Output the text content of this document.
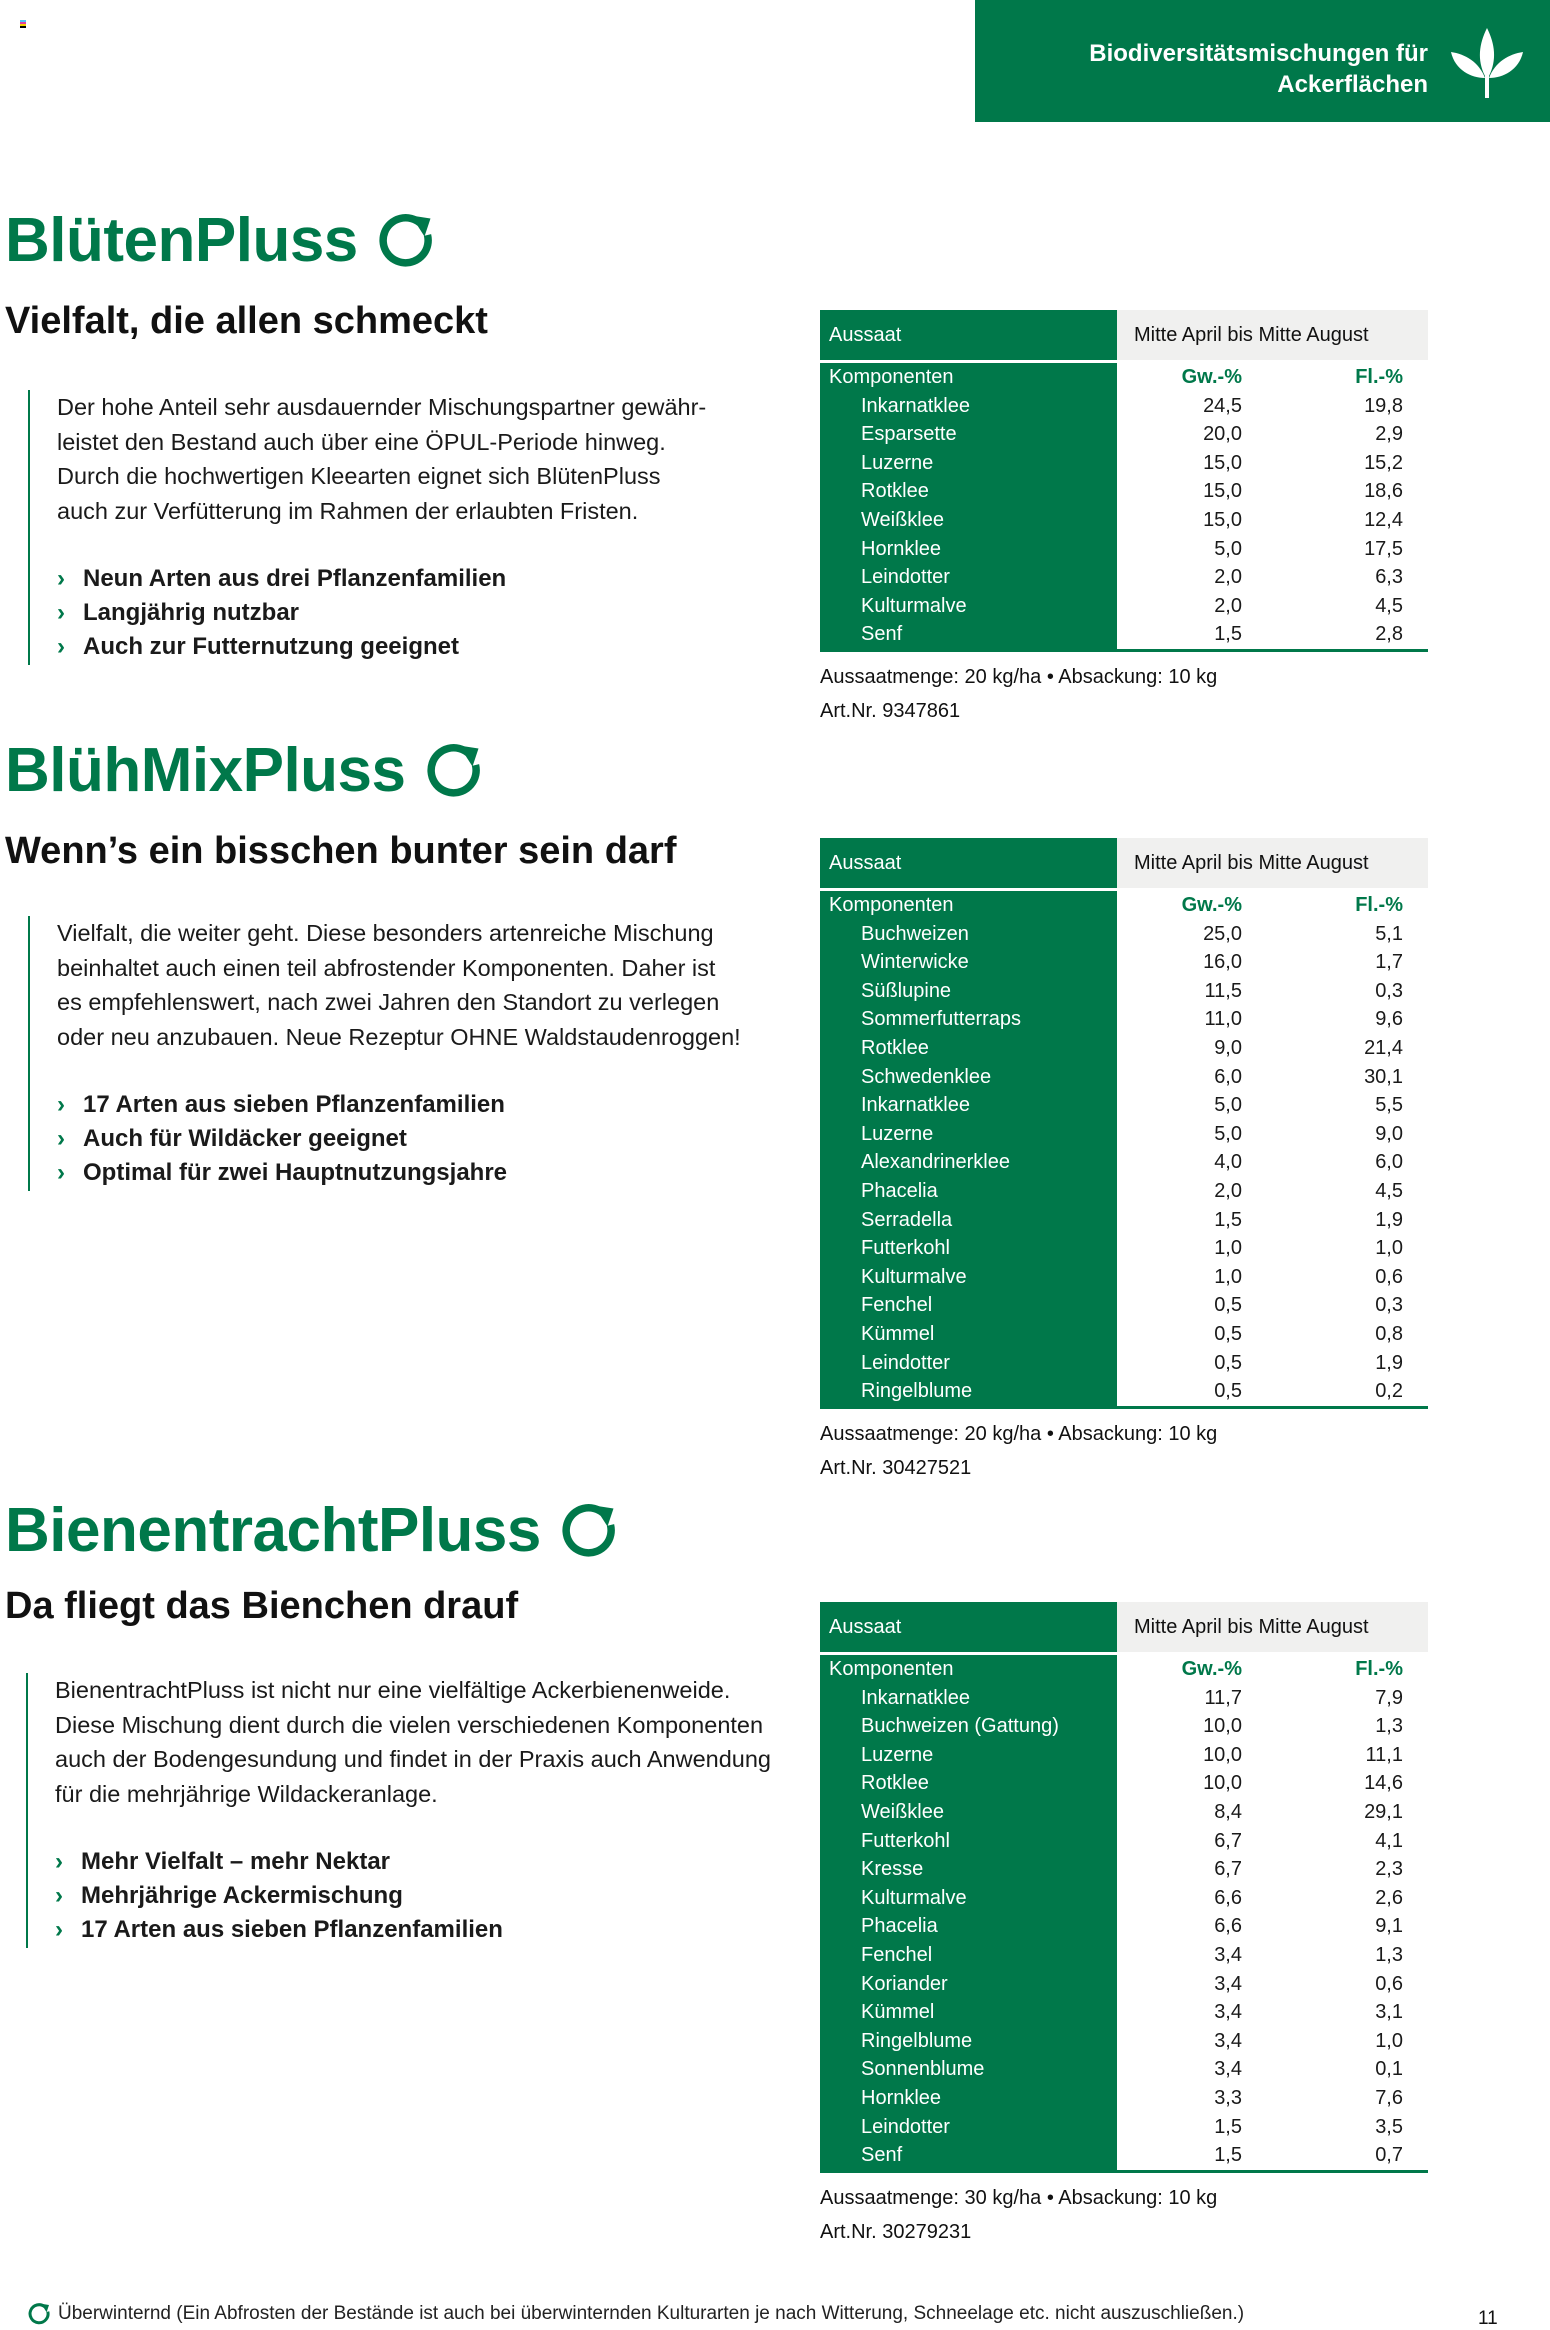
Biodiversitätsmischungen für
Ackerflächen
BlütenPluss
Vielfalt, die allen schmeckt

Der hohe Anteil sehr ausdauernder Mischungspartner gewähr-
leistet den Bestand auch über eine ÖPUL-Periode hinweg.
Durch die hochwertigen Kleearten eignet sich BlütenPluss
auch zur Verfütterung im Rahmen der erlaubten Fristen.

› Neun Arten aus drei Pflanzenfamilien
› Langjährig nutzbar
› Auch zur Futternutzung geeignet
Aussaat	Mitte April bis Mitte August
Komponenten	Gw.-%	Fl.-%
Inkarnatklee	24,5	19,8
Esparsette	20,0	2,9
Luzerne	15,0	15,2
Rotklee	15,0	18,6
Weißklee	15,0	12,4
Hornklee	5,0	17,5
Leindotter	2,0	6,3
Kulturmalve	2,0	4,5
Senf	1,5	2,8
Aussaatmenge: 20 kg/ha • Absackung: 10 kg
Art.Nr. 9347861
BlühMixPluss
Wenn’s ein bisschen bunter sein darf

Vielfalt, die weiter geht. Diese besonders artenreiche Mischung
beinhaltet auch einen teil abfrostender Komponenten. Daher ist
es empfehlenswert, nach zwei Jahren den Standort zu verlegen
oder neu anzubauen. Neue Rezeptur OHNE Waldstaudenroggen!

› 17 Arten aus sieben Pflanzenfamilien
› Auch für Wildäcker geeignet
› Optimal für zwei Hauptnutzungsjahre
Aussaat	Mitte April bis Mitte August
Komponenten	Gw.-%	Fl.-%
Buchweizen	25,0	5,1
Winterwicke	16,0	1,7
Süßlupine	11,5	0,3
Sommerfutterraps	11,0	9,6
Rotklee	9,0	21,4
Schwedenklee	6,0	30,1
Inkarnatklee	5,0	5,5
Luzerne	5,0	9,0
Alexandrinerklee	4,0	6,0
Phacelia	2,0	4,5
Serradella	1,5	1,9
Futterkohl	1,0	1,0
Kulturmalve	1,0	0,6
Fenchel	0,5	0,3
Kümmel	0,5	0,8
Leindotter	0,5	1,9
Ringelblume	0,5	0,2
Aussaatmenge: 20 kg/ha • Absackung: 10 kg
Art.Nr. 30427521
BienentrachtPluss
Da fliegt das Bienchen drauf

BienentrachtPluss ist nicht nur eine vielfältige Ackerbienenweide.
Diese Mischung dient durch die vielen verschiedenen Komponenten
auch der Bodengesundung und findet in der Praxis auch Anwendung
für die mehrjährige Wildackeranlage.

› Mehr Vielfalt – mehr Nektar
› Mehrjährige Ackermischung
› 17 Arten aus sieben Pflanzenfamilien
Aussaat	Mitte April bis Mitte August
Komponenten	Gw.-%	Fl.-%
Inkarnatklee	11,7	7,9
Buchweizen (Gattung)	10,0	1,3
Luzerne	10,0	11,1
Rotklee	10,0	14,6
Weißklee	8,4	29,1
Futterkohl	6,7	4,1
Kresse	6,7	2,3
Kulturmalve	6,6	2,6
Phacelia	6,6	9,1
Fenchel	3,4	1,3
Koriander	3,4	0,6
Kümmel	3,4	3,1
Ringelblume	3,4	1,0
Sonnenblume	3,4	0,1
Hornklee	3,3	7,6
Leindotter	1,5	3,5
Senf	1,5	0,7
Aussaatmenge: 30 kg/ha • Absackung: 10 kg
Art.Nr. 30279231
Überwinternd (Ein Abfrosten der Bestände ist auch bei überwinternden Kulturarten je nach Witterung, Schneelage etc. nicht auszuschließen.)	11
